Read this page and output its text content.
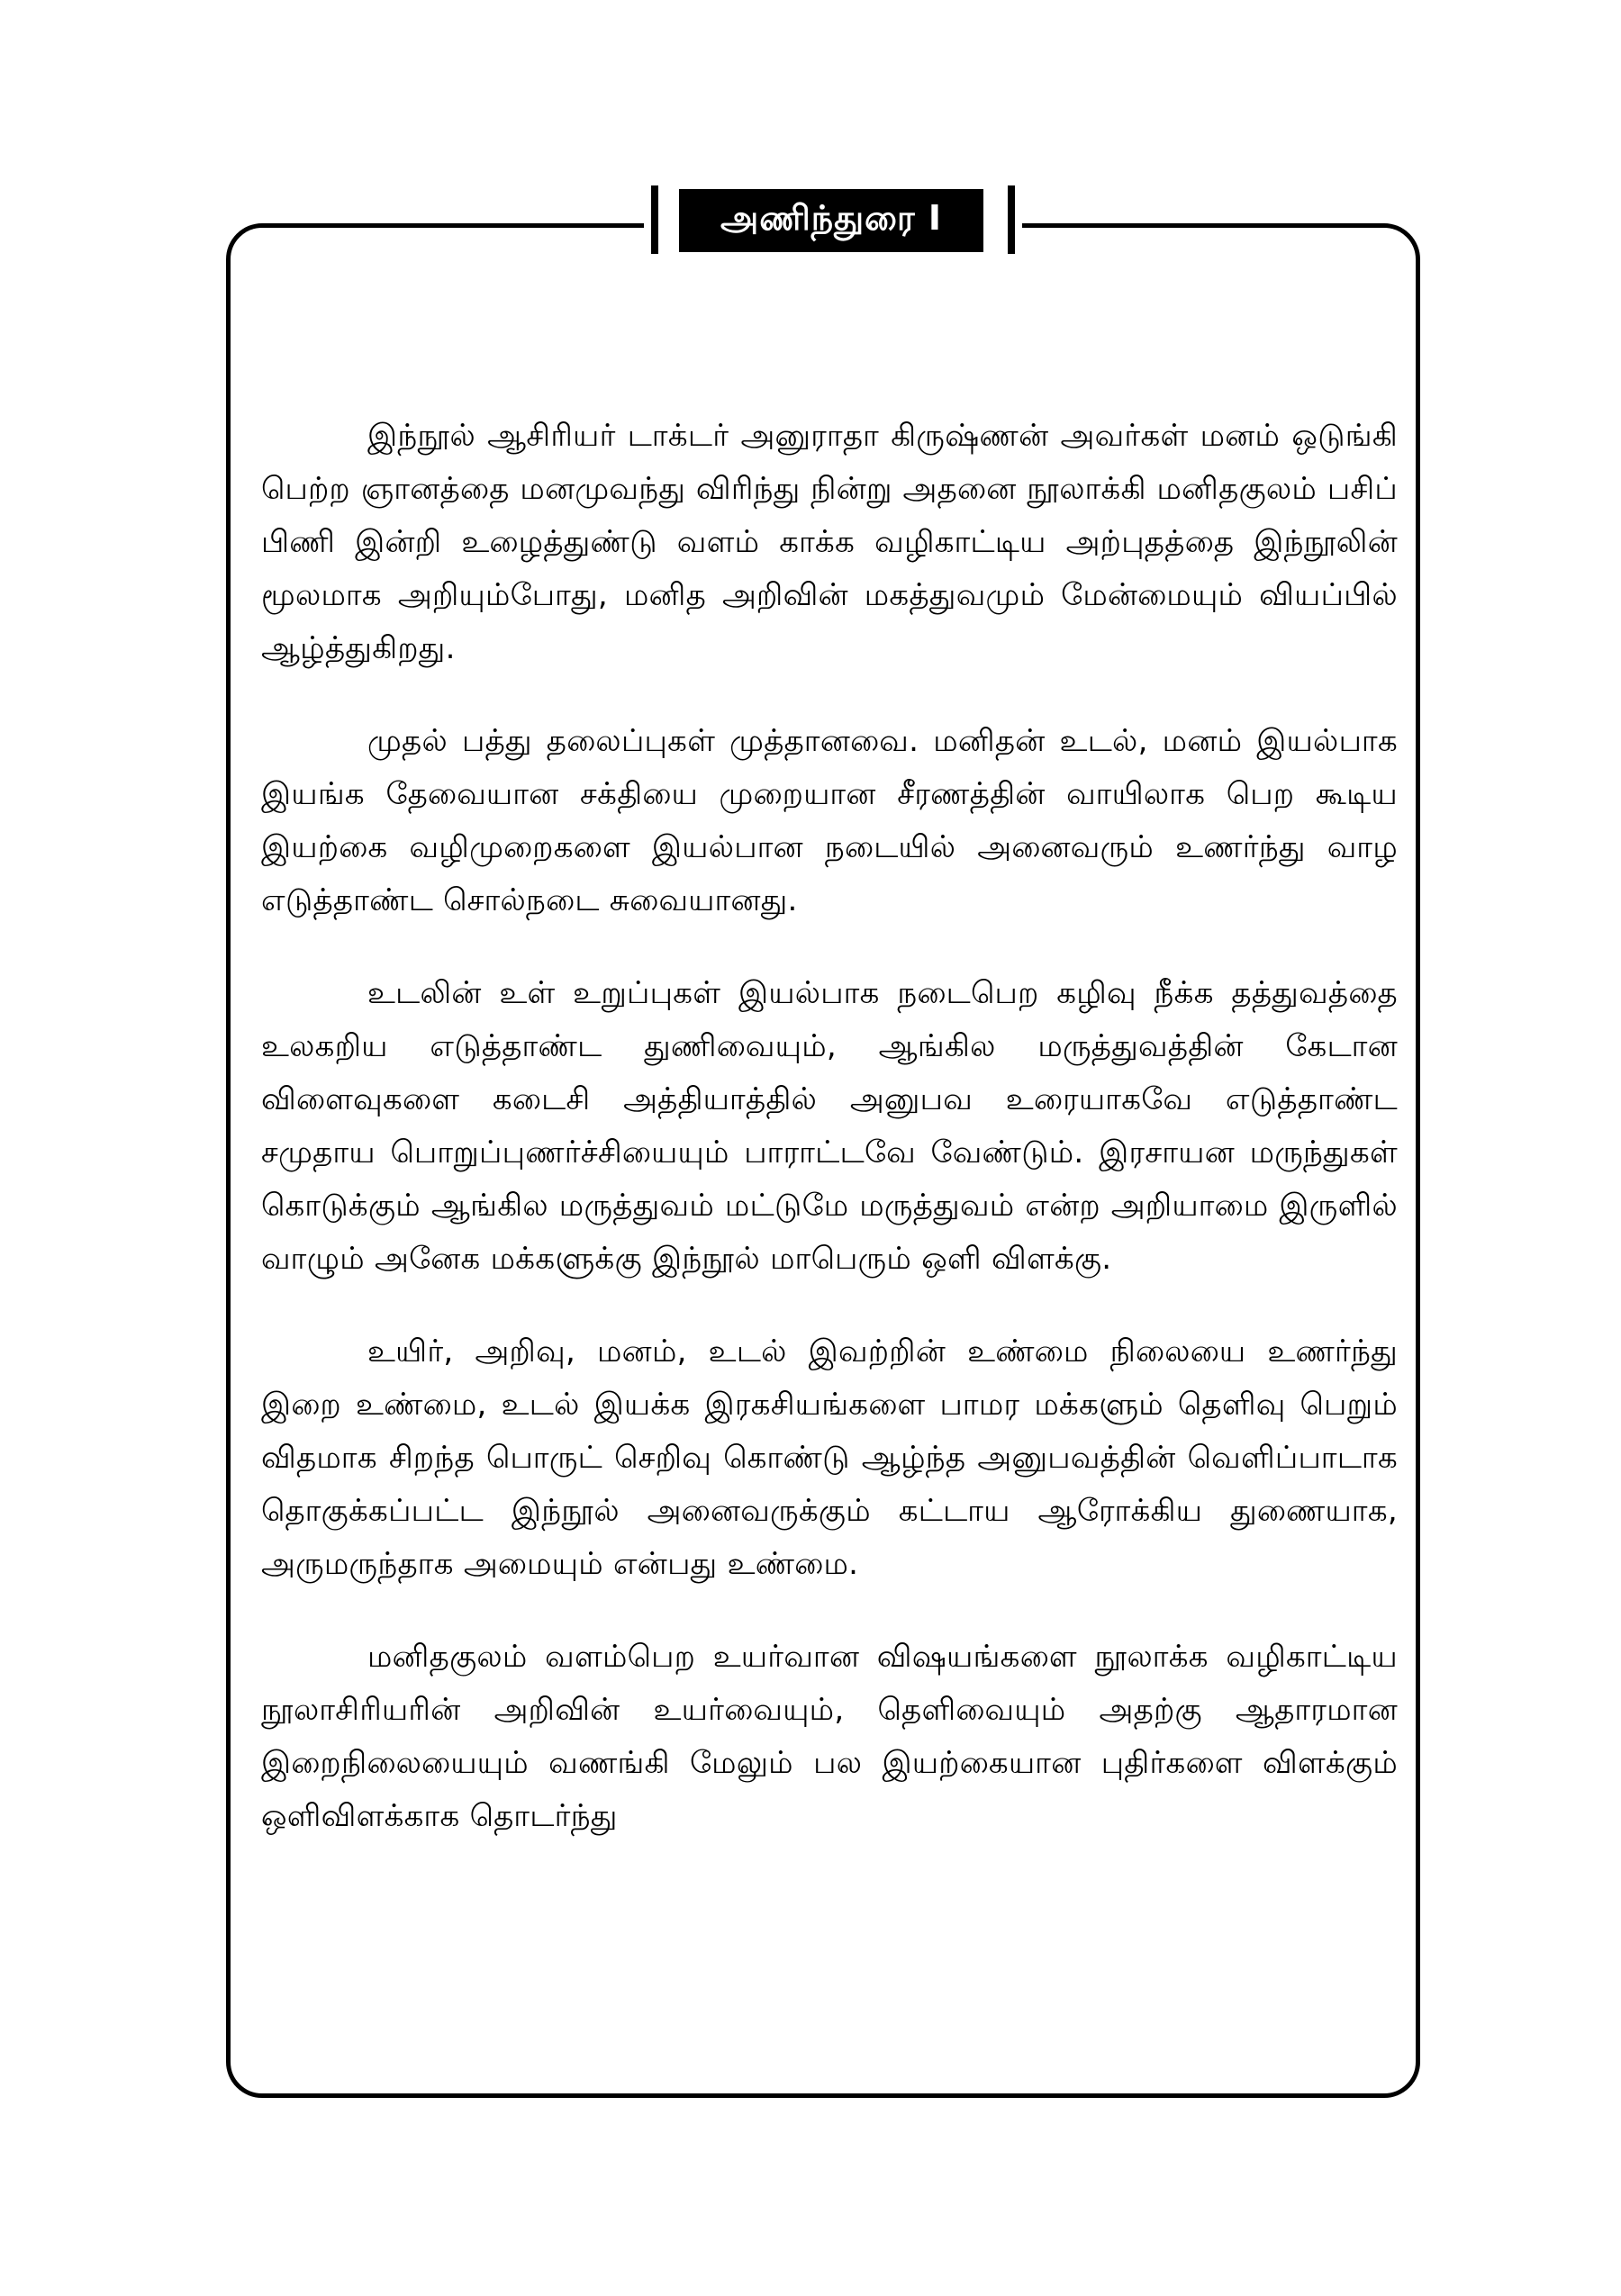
அணிந்துரை I

இந்நூல் ஆசிரியர் டாக்டர் அனுராதா கிருஷ்ணன் அவர்கள் மனம் ஒடுங்கி பெற்ற ஞானத்தை மனமுவந்து விரிந்து நின்று அதனை நூலாக்கி மனிதகுலம் பசிப் பிணி இன்றி உழைத்துண்டு வளம் காக்க வழிகாட்டிய அற்புதத்தை இந்நூலின் மூலமாக அறியும்போது, மனித அறிவின் மகத்துவமும் மேன்மையும் வியப்பில் ஆழ்த்துகிறது.

முதல் பத்து தலைப்புகள் முத்தானவை. மனிதன் உடல், மனம் இயல்பாக இயங்க தேவையான சக்தியை முறையான சீரணத்தின் வாயிலாக பெற கூடிய இயற்கை வழிமுறைகளை இயல்பான நடையில் அனைவரும் உணர்ந்து வாழ எடுத்தாண்ட சொல்நடை சுவையானது.

உடலின் உள் உறுப்புகள் இயல்பாக நடைபெற கழிவு நீக்க தத்துவத்தை உலகறிய எடுத்தாண்ட துணிவையும், ஆங்கில மருத்துவத்தின் கேடான விளைவுகளை கடைசி அத்தியாத்தில் அனுபவ உரையாகவே எடுத்தாண்ட சமுதாய பொறுப்புணர்ச்சியையும் பாராட்டவே வேண்டும். இரசாயன மருந்துகள் கொடுக்கும் ஆங்கில மருத்துவம் மட்டுமே மருத்துவம் என்ற அறியாமை இருளில் வாழும் அனேக மக்களுக்கு இந்நூல் மாபெரும் ஒளி விளக்கு.

உயிர், அறிவு, மனம், உடல் இவற்றின் உண்மை நிலையை உணர்ந்து இறை உண்மை, உடல் இயக்க இரகசியங்களை பாமர மக்களும் தெளிவு பெறும் விதமாக சிறந்த பொருட் செறிவு கொண்டு ஆழ்ந்த அனுபவத்தின் வெளிப்பாடாக தொகுக்கப்பட்ட இந்நூல் அனைவருக்கும் கட்டாய ஆரோக்கிய துணையாக, அருமருந்தாக அமையும் என்பது உண்மை.

மனிதகுலம் வளம்பெற உயர்வான விஷயங்களை நூலாக்க வழிகாட்டிய நூலாசிரியரின் அறிவின் உயர்வையும், தெளிவையும் அதற்கு ஆதாரமான இறைநிலையையும் வணங்கி மேலும் பல இயற்கையான புதிர்களை விளக்கும் ஒளிவிளக்காக தொடர்ந்து
